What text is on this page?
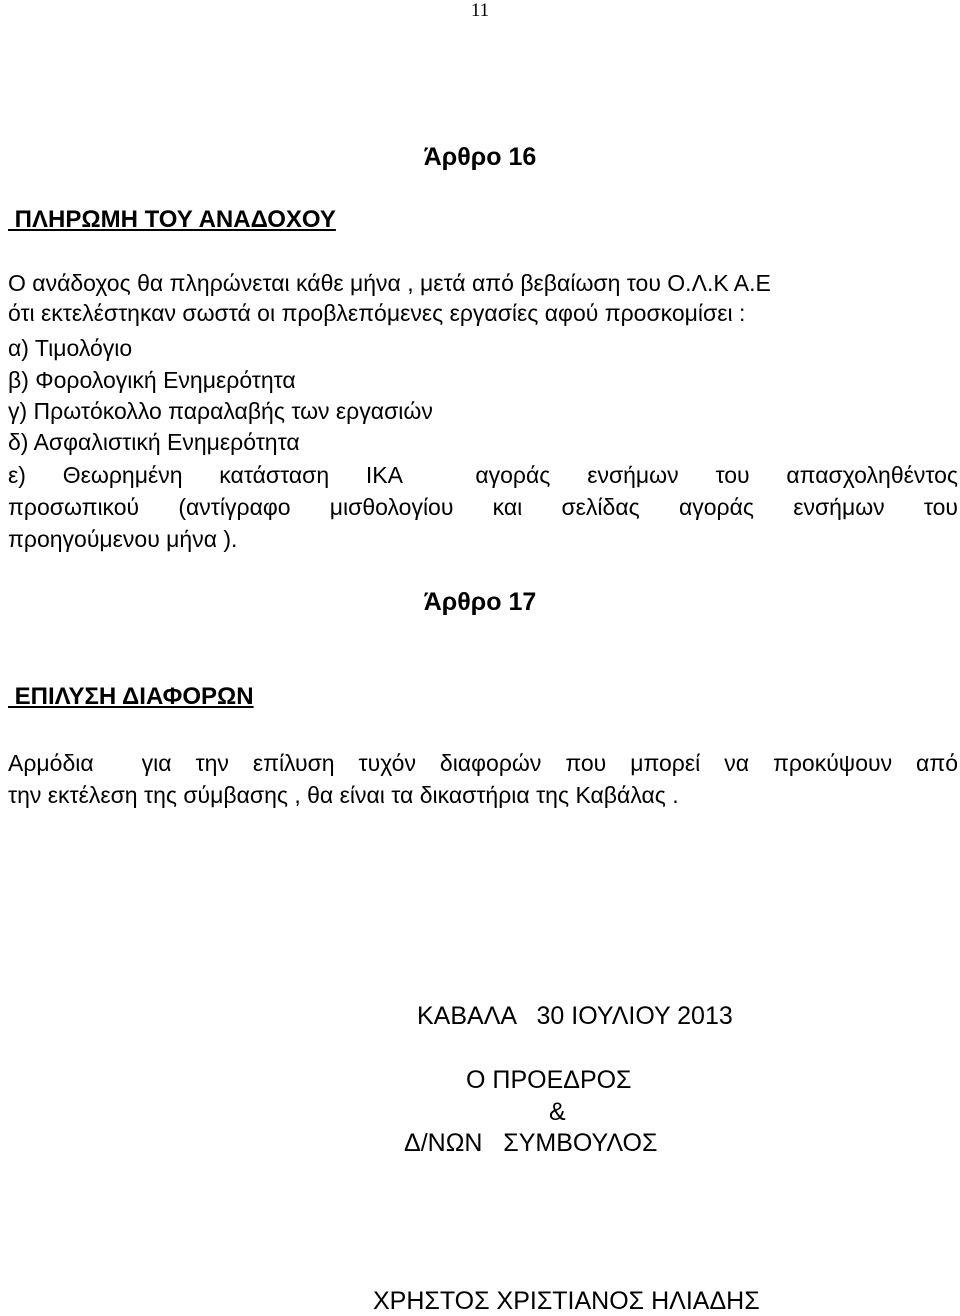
11
Άρθρο 16
ΠΛΗΡΩΜΗ ΤΟΥ ΑΝΑΔΟΧΟΥ
Ο ανάδοχος θα πληρώνεται κάθε μήνα , μετά από βεβαίωση του Ο.Λ.Κ Α.Ε
ότι εκτελέστηκαν σωστά οι προβλεπόμενες εργασίες αφού προσκομίσει :
α) Τιμολόγιο
β) Φορολογική Ενημερότητα
γ) Πρωτόκολλο παραλαβής των εργασιών
δ) Ασφαλιστική Ενημερότητα
ε) Θεωρημένη κατάσταση ΙΚΑ  αγοράς ενσήμων του απασχοληθέντος
προσωπικού (αντίγραφο μισθολογίου και σελίδας αγοράς ενσήμων του
προηγούμενου μήνα ).
Άρθρο 17
ΕΠΙΛΥΣΗ ΔΙΑΦΟΡΩΝ
Αρμόδια  για την επίλυση τυχόν διαφορών που μπορεί να προκύψουν από
την εκτέλεση της σύμβασης , θα είναι τα δικαστήρια της Καβάλας .
ΚΑΒΑΛΑ   30 ΙΟΥΛΙΟΥ 2013
Ο ΠΡΟΕΔΡΟΣ
&
Δ/ΝΩΝ   ΣΥΜΒΟΥΛΟΣ
ΧΡΗΣΤΟΣ ΧΡΙΣΤΙΑΝΟΣ ΗΛΙΑΔΗΣ
